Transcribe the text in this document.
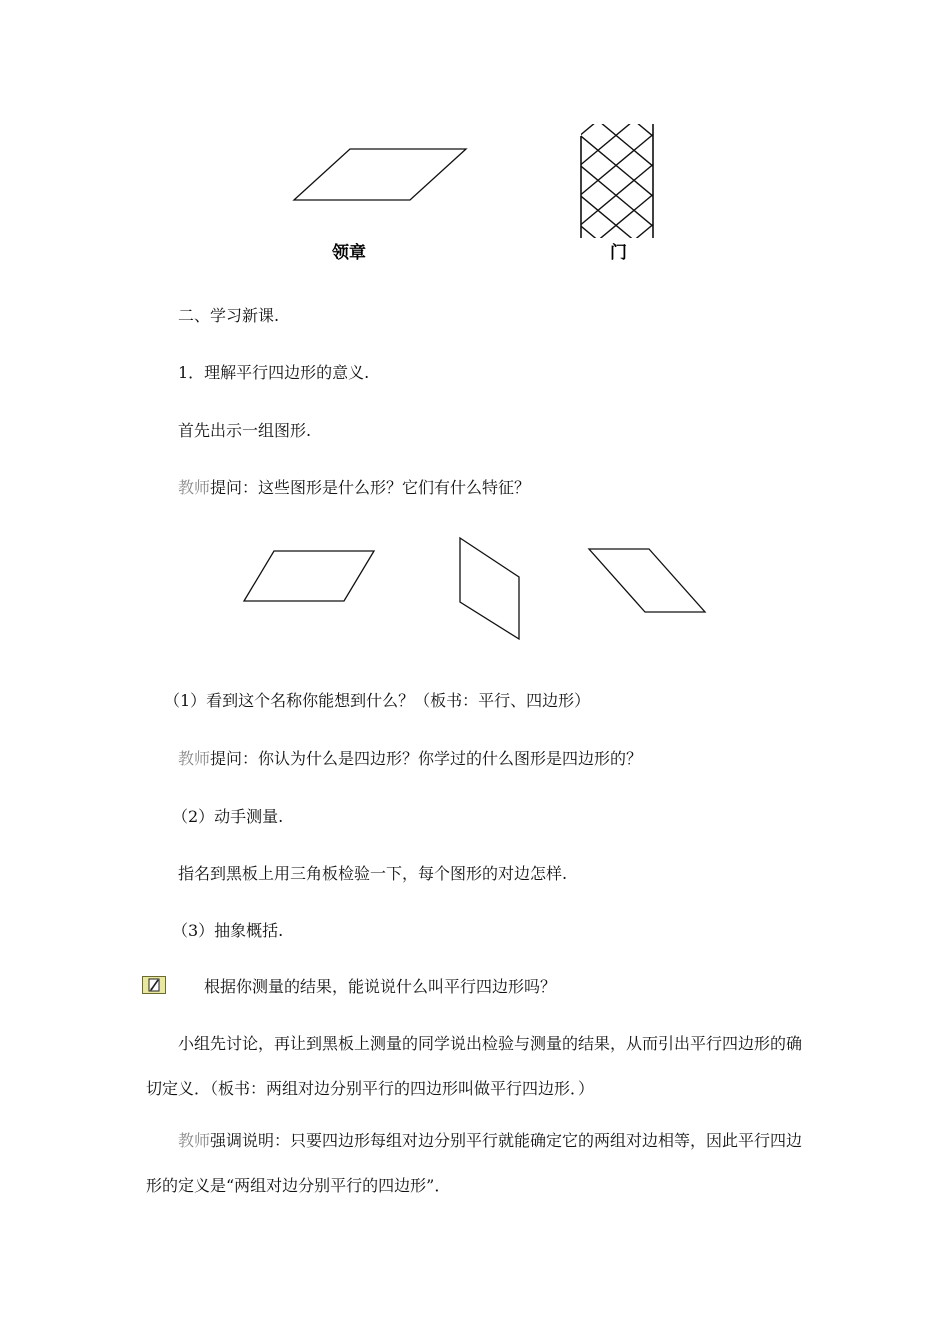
领章	门
二、学习新课.
1．理解平行四边形的意义.
首先出示一组图形.
教师提问：这些图形是什么形？它们有什么特征？
（1）看到这个名称你能想到什么？（板书：平行、四边形）
教师提问：你认为什么是四边形？你学过的什么图形是四边形的？
（2）动手测量.
指名到黑板上用三角板检验一下，每个图形的对边怎样.
（3）抽象概括.
根据你测量的结果，能说说什么叫平行四边形吗？
小组先讨论，再让到黑板上测量的同学说出检验与测量的结果，从而引出平行四边形的确切定义．（板书：两组对边分别平行的四边形叫做平行四边形．）
教师强调说明：只要四边形每组对边分别平行就能确定它的两组对边相等，因此平行四边形的定义是“两组对边分别平行的四边形”．
